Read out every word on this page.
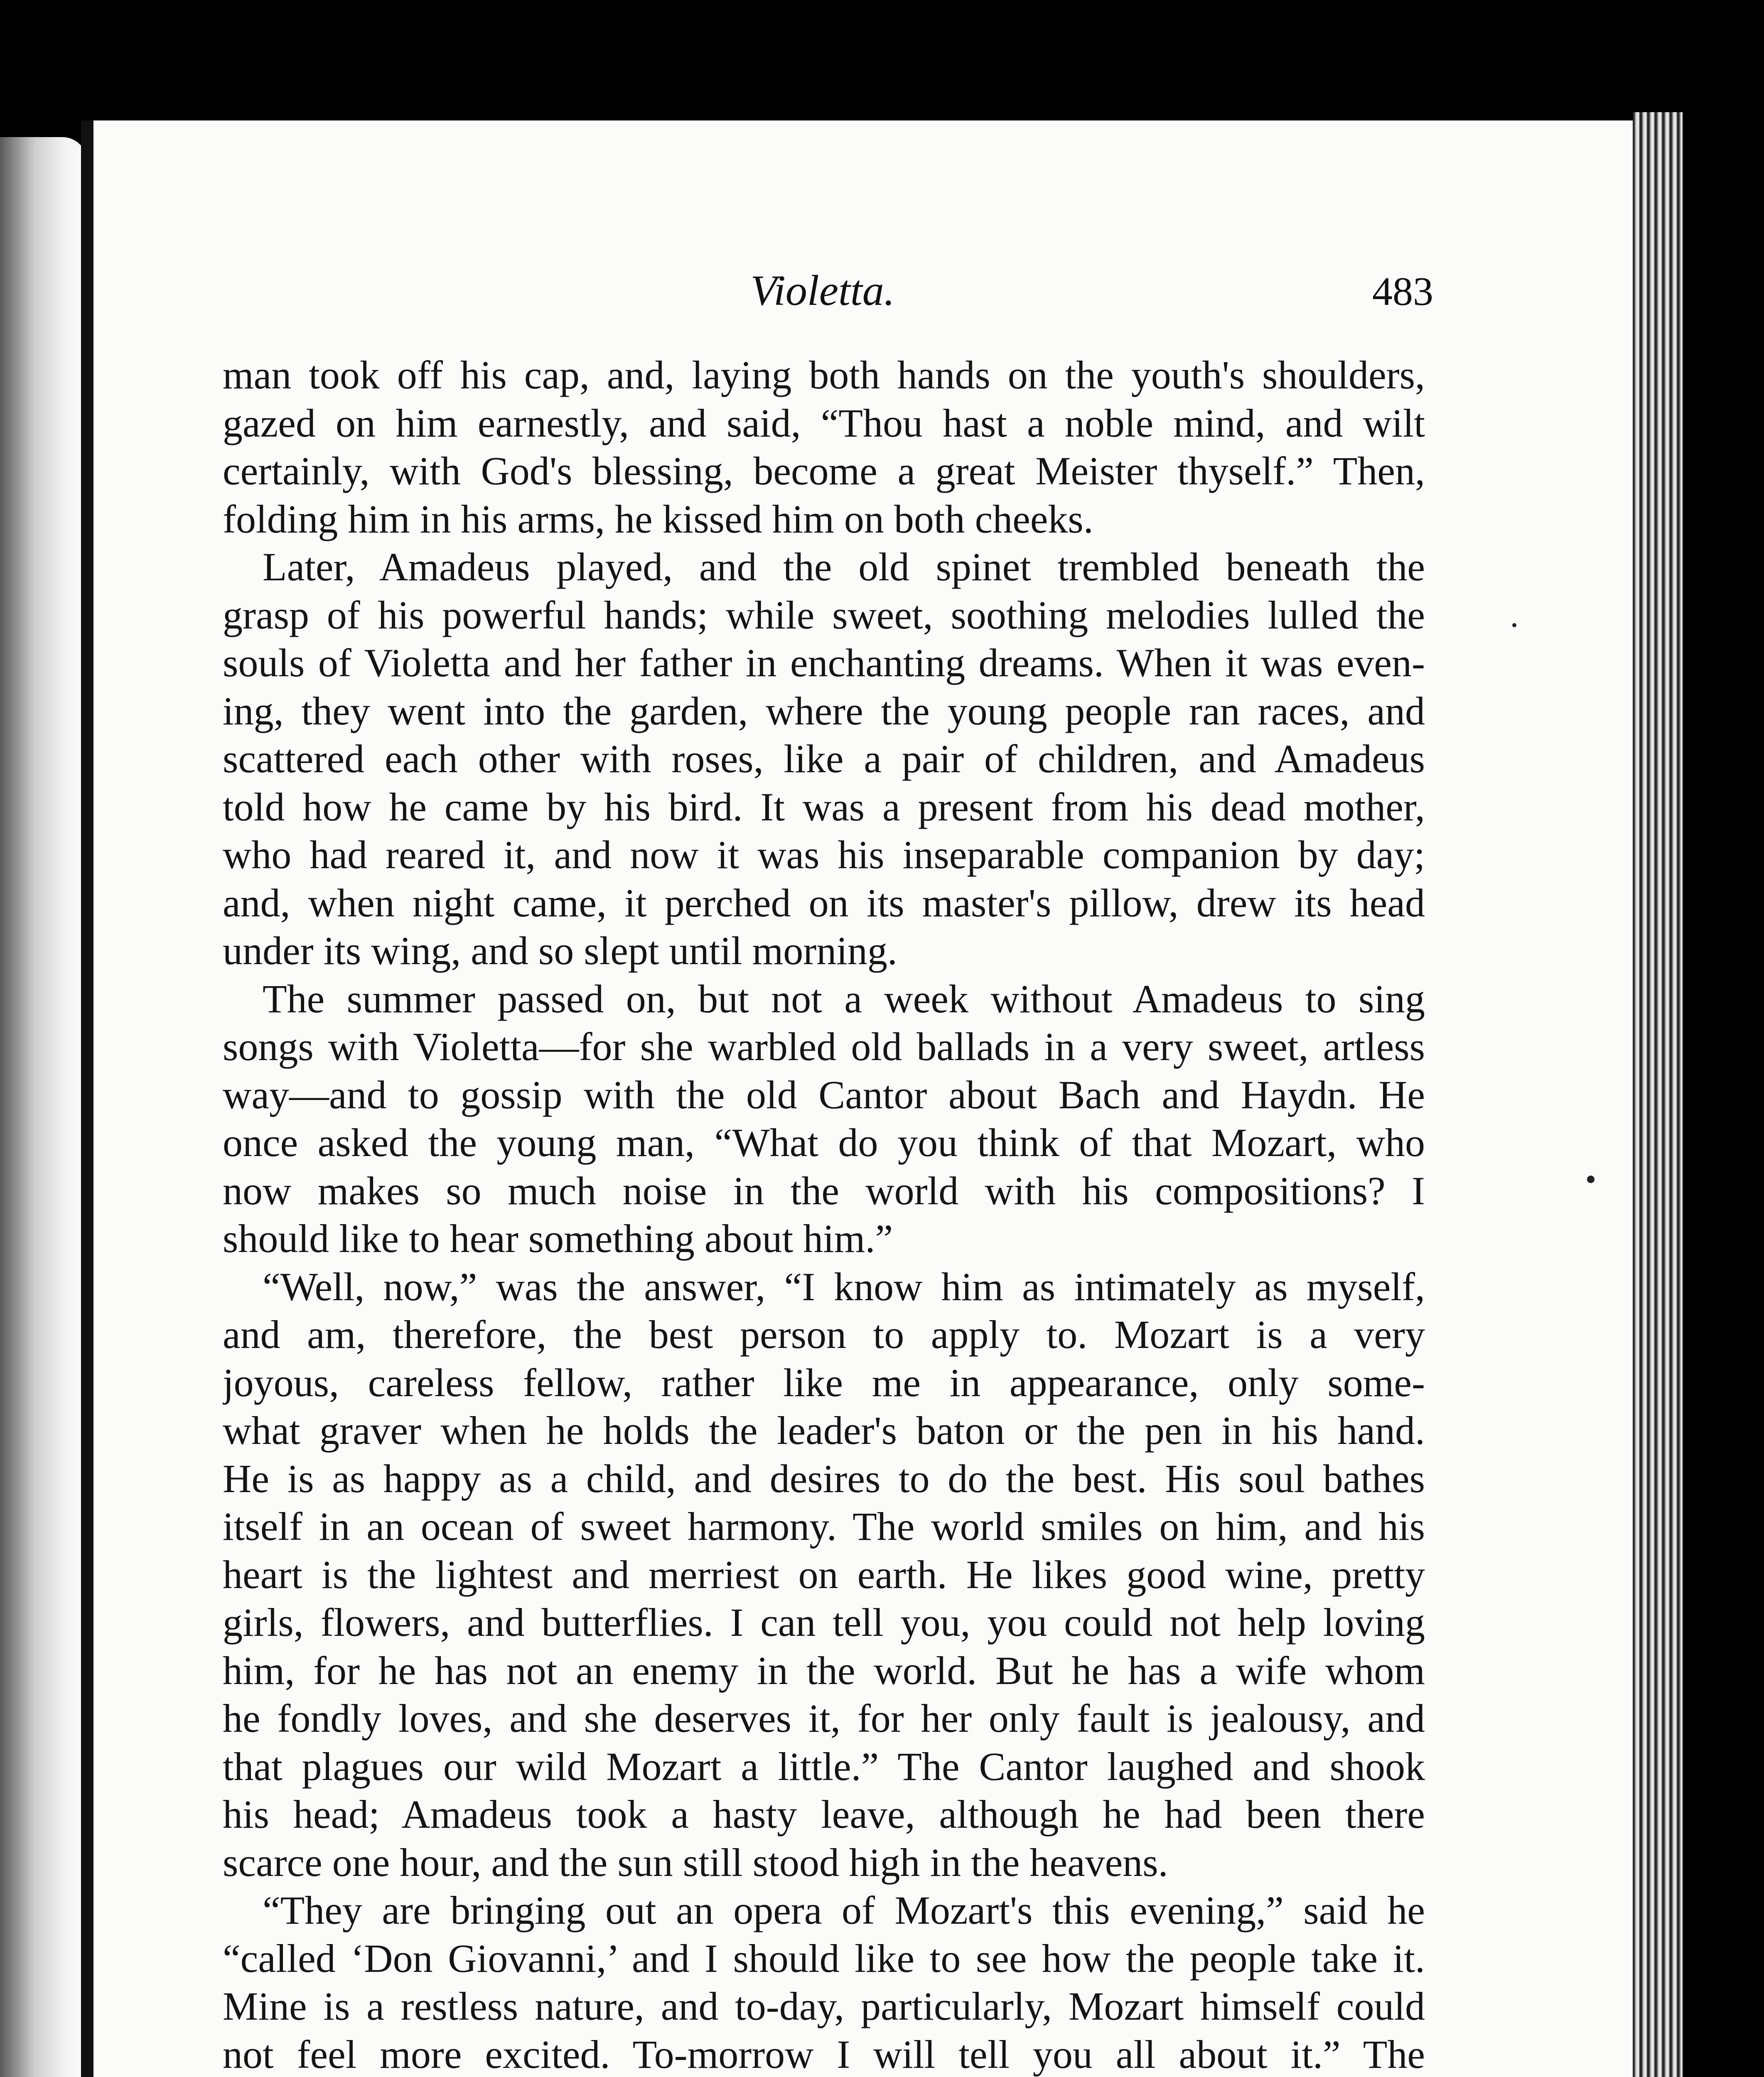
Violetta.	483
man took off his cap, and, laying both hands on the youth's shoulders,
gazed on him earnestly, and said, “Thou hast a noble mind, and wilt
certainly, with God's blessing, become a great Meister thyself.” Then,
folding him in his arms, he kissed him on both cheeks.
Later, Amadeus played, and the old spinet trembled beneath the
grasp of his powerful hands; while sweet, soothing melodies lulled the
souls of Violetta and her father in enchanting dreams. When it was even-
ing, they went into the garden, where the young people ran races, and
scattered each other with roses, like a pair of children, and Amadeus
told how he came by his bird. It was a present from his dead mother,
who had reared it, and now it was his inseparable companion by day;
and, when night came, it perched on its master's pillow, drew its head
under its wing, and so slept until morning.
The summer passed on, but not a week without Amadeus to sing
songs with Violetta—for she warbled old ballads in a very sweet, artless
way—and to gossip with the old Cantor about Bach and Haydn. He
once asked the young man, “What do you think of that Mozart, who
now makes so much noise in the world with his compositions? I
should like to hear something about him.”
“Well, now,” was the answer, “I know him as intimately as myself,
and am, therefore, the best person to apply to. Mozart is a very
joyous, careless fellow, rather like me in appearance, only some-
what graver when he holds the leader's baton or the pen in his hand.
He is as happy as a child, and desires to do the best. His soul bathes
itself in an ocean of sweet harmony. The world smiles on him, and his
heart is the lightest and merriest on earth. He likes good wine, pretty
girls, flowers, and butterflies. I can tell you, you could not help loving
him, for he has not an enemy in the world. But he has a wife whom
he fondly loves, and she deserves it, for her only fault is jealousy, and
that plagues our wild Mozart a little.” The Cantor laughed and shook
his head; Amadeus took a hasty leave, although he had been there
scarce one hour, and the sun still stood high in the heavens.
“They are bringing out an opera of Mozart's this evening,” said he
“called ‘Don Giovanni,’ and I should like to see how the people take it.
Mine is a restless nature, and to-day, particularly, Mozart himself could
not feel more excited. To-morrow I will tell you all about it.” The
